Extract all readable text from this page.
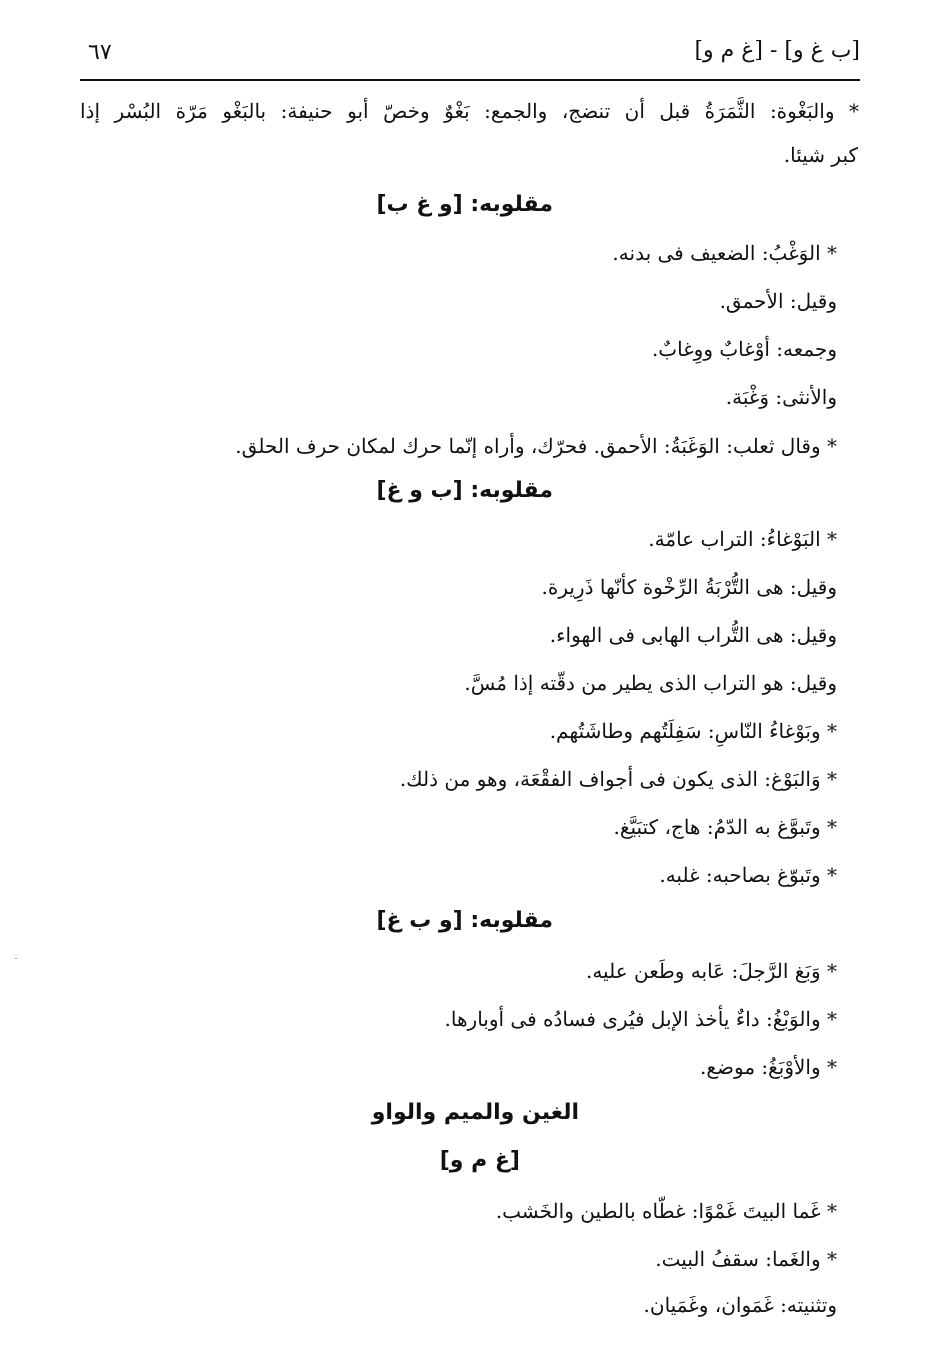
[ب غ و] - [غ م و]
٦٧
* والبَغْوة: الثَّمَرَةُ قبل أن تنضج، والجمع: بَغْوٌ وخصّ أبو حنيفة: بالبَغْو مَرّة البُسْر إذا
كبر شيئا.
مقلوبه: [و غ ب]
* الوَغْبُ: الضعيف فى بدنه.
وقيل: الأحمق.
وجمعه: أوْغابٌ ووِغابٌ.
والأنثى: وَغْبَة.
* وقال ثعلب: الوَغَبَةُ: الأحمق. فحرّك، وأراه إنّما حرك لمكان حرف الحلق.
مقلوبه: [ب و غ]
* البَوْغاءُ: التراب عامّة.
وقيل: هى التُّرْبَةُ الرِّخْوة كأنّها ذَرِيرة.
وقيل: هى التُّراب الهابى فى الهواء.
وقيل: هو التراب الذى يطير من دقّته إذا مُسَّ.
* وبَوْغاءُ النّاسِ: سَفِلَتُهم وطاشَتُهم.
* وَالبَوْغ: الذى يكون فى أجواف الفقْعَة، وهو من ذلك.
* وتَبوَّغ به الدّمُ: هاج، كتبَيَّغ.
* وتَبوّغ بصاحبه: غلبه.
مقلوبه: [و ب غ]
* وَبَغ الرَّجلَ: عَابه وطَعن عليه.
* والوَبْغُ: داءٌ يأخذ الإبل فيُرى فسادُه فى أوبارها.
* والأوْبَغُ: موضع.
الغين والميم والواو
[غ م و]
* غَما البيتَ غَمْوًا: غطّاه بالطين والخَشب.
* والغَما: سقفُ البيت.
وتثنيته: غَمَوان، وغَمَيان.
